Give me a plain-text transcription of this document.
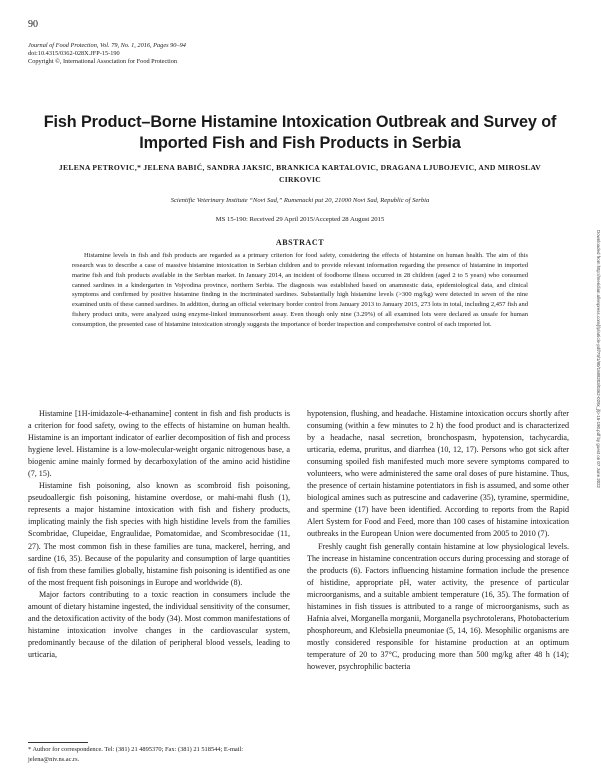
90
Journal of Food Protection, Vol. 79, No. 1, 2016, Pages 90–94
doi:10.4315/0362-028X.JFP-15-190
Copyright ©, International Association for Food Protection
Fish Product–Borne Histamine Intoxication Outbreak and Survey of Imported Fish and Fish Products in Serbia
JELENA PETROVIC,* JELENA BABIĆ, SANDRA JAKSIC, BRANKICA KARTALOVIC, DRAGANA LJUBOJEVIC, AND MIROSLAV CIRKOVIC
Scientific Veterinary Institute “Novi Sad,” Rumenacki put 20, 21000 Novi Sad, Republic of Serbia
MS 15-190: Received 29 April 2015/Accepted 28 August 2015
ABSTRACT
Histamine levels in fish and fish products are regarded as a primary criterion for food safety, considering the effects of histamine on human health. The aim of this research was to describe a case of massive histamine intoxication in Serbian children and to provide relevant information regarding the presence of histamine in imported marine fish and fish products available in the Serbian market. In January 2014, an incident of foodborne illness occurred in 28 children (aged 2 to 5 years) who consumed canned sardines in a kindergarten in Vojvodina province, northern Serbia. The diagnosis was established based on anamnestic data, epidemiological data, and clinical symptoms and confirmed by positive histamine finding in the incriminated sardines. Substantially high histamine levels (>300 mg/kg) were detected in seven of the nine examined units of these canned sardines. In addition, during an official veterinary border control from January 2013 to January 2015, 273 lots in total, including 2,457 fish and fishery product units, were analyzed using enzyme-linked immunosorbent assay. Even though only nine (3.29%) of all examined lots were declared as unsafe for human consumption, the presented case of histamine intoxication strongly suggests the importance of border inspection and comprehensive control of each imported lot.

Histamine [1H-imidazole-4-ethanamine] content in fish and fish products is a criterion for food safety, owing to the effects of histamine on human health. Histamine is an important indicator of earlier decomposition of fish and process hygiene level. Histamine is a low-molecular-weight organic nitrogenous base, a biogenic amine mainly formed by decarboxylation of the amino acid histidine (7, 15).

Histamine fish poisoning, also known as scombroid fish poisoning, pseudoallergic fish poisoning, histamine overdose, or mahi-mahi flush (1), represents a major histamine intoxication with fish and fishery products, implicating mainly the fish species with high histidine levels from the families Scombridae, Clupeidae, Engraulidae, Pomatomidae, and Scombresocidae (11, 27). The most common fish in these families are tuna, mackerel, herring, and sardine (16, 35). Because of the popularity and consumption of large quantities of fish from these families globally, histamine fish poisoning is identified as one of the most frequent fish poisonings in Europe and worldwide (8).

Major factors contributing to a toxic reaction in consumers include the amount of dietary histamine ingested, the individual sensitivity of the consumer, and the detoxification activity of the body (34). Most common manifestations of histamine intoxication involve changes in the cardiovascular system, predominantly because of the dilation of peripheral blood vessels, leading to urticaria,

hypotension, flushing, and headache. Histamine intoxication occurs shortly after consuming (within a few minutes to 2 h) the food product and is characterized by a headache, nasal secretion, bronchospasm, hypotension, tachycardia, urticaria, edema, pruritus, and diarrhea (10, 12, 17). Persons who got sick after consuming spoiled fish manifested much more severe symptoms compared to volunteers, who were administered the same oral doses of pure histamine. Thus, the presence of certain histamine potentiators in fish is assumed, and some other biological amines such as putrescine and cadaverine (35), tyramine, spermidine, and spermine (17) have been identified. According to reports from the Rapid Alert System for Food and Feed, more than 100 cases of histamine intoxication outbreaks in the European Union were documented from 2005 to 2010 (7).

Freshly caught fish generally contain histamine at low physiological levels. The increase in histamine concentration occurs during processing and storage of the products (6). Factors influencing histamine formation include the presence of histidine, appropriate pH, water activity, the presence of particular microorganisms, and a suitable ambient temperature (16, 35). The formation of histamines in fish tissues is attributed to a range of microorganisms, such as Hafnia alvei, Morganella morganii, Morganella psychrotolerans, Photobacterium phosphoreum, and Klebsiella pneumoniae (5, 14, 16). Mesophilic organisms are mostly considered responsible for histamine production at an optimum temperature of 20 to 37°C, producing more than 500 mg/kg after 48 h (14); however, psychrophilic bacteria

* Author for correspondence. Tel: (381) 21 4895370; Fax: (381) 21 518544; E-mail: jelena@niv.ns.ac.rs.
Downloaded from http://meridian.allenpress.com/jfp/article-pdf/79/1/90/1688203/0362-028x_jfp-15-190.pdf by guest on 07 June 2022
